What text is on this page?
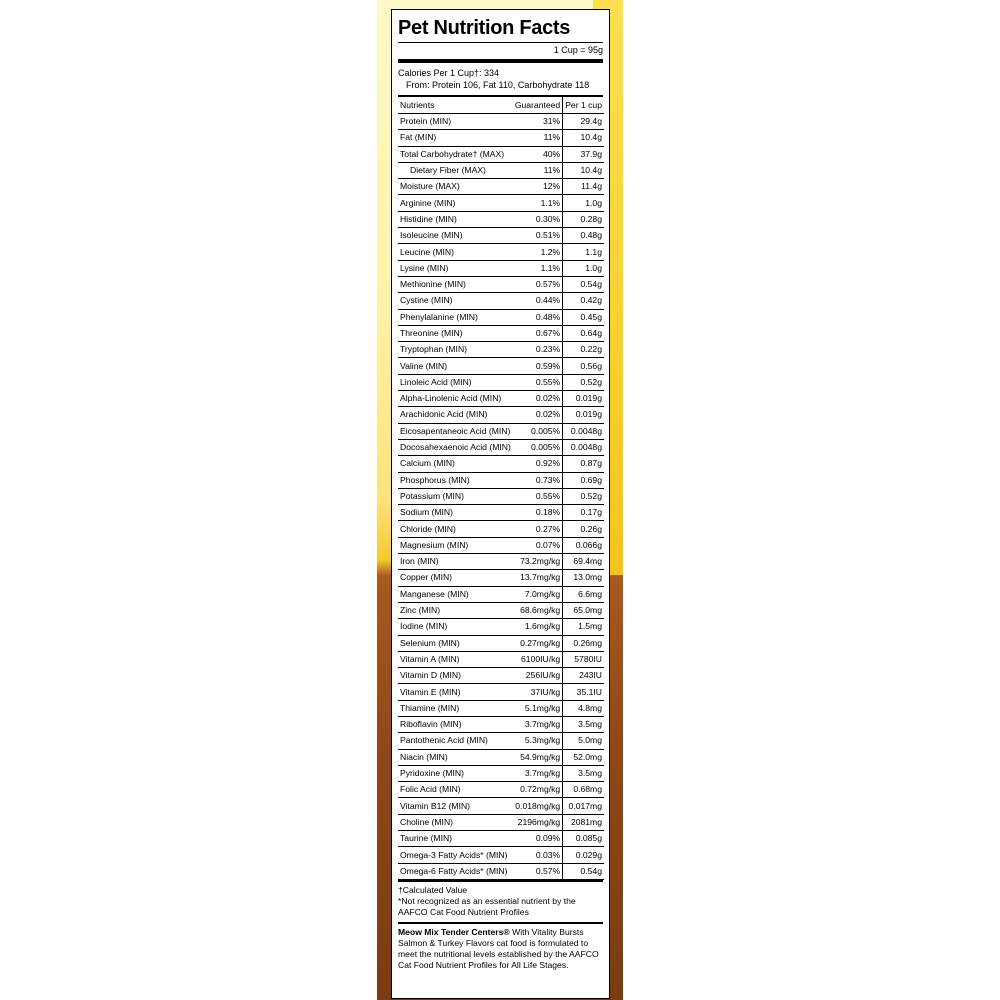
Pet Nutrition Facts
1 Cup = 95g
Calories Per 1 Cup†: 334
From: Protein 106, Fat 110, Carbohydrate 118
Nutrients	Guaranteed	Per 1 cup
Protein (MIN)	31%	29.4g
Fat (MIN)	11%	10.4g
Total Carbohydrate† (MAX)	40%	37.9g
Dietary Fiber (MAX)	11%	10.4g
Moisture (MAX)	12%	11.4g
Arginine (MIN)	1.1%	1.0g
Histidine (MIN)	0.30%	0.28g
Isoleucine (MIN)	0.51%	0.48g
Leucine (MIN)	1.2%	1.1g
Lysine (MIN)	1.1%	1.0g
Methionine (MIN)	0.57%	0.54g
Cystine (MIN)	0.44%	0.42g
Phenylalanine (MIN)	0.48%	0.45g
Threonine (MIN)	0.67%	0.64g
Tryptophan (MIN)	0.23%	0.22g
Valine (MIN)	0.59%	0.56g
Linoleic Acid (MIN)	0.55%	0.52g
Alpha-Linolenic Acid (MIN)	0.02%	0.019g
Arachidonic Acid (MIN)	0.02%	0.019g
Eicosapentaneoic Acid (MIN)	0.005%	0.0048g
Docosahexaenoic Acid (MIN)	0.005%	0.0048g
Calcium (MIN)	0.92%	0.87g
Phosphorus (MIN)	0.73%	0.69g
Potassium (MIN)	0.55%	0.52g
Sodium (MIN)	0.18%	0.17g
Chloride (MIN)	0.27%	0.26g
Magnesium (MIN)	0.07%	0.066g
Iron (MIN)	73.2mg/kg	69.4mg
Copper (MIN)	13.7mg/kg	13.0mg
Manganese (MIN)	7.0mg/kg	6.6mg
Zinc (MIN)	68.6mg/kg	65.0mg
Iodine (MIN)	1.6mg/kg	1.5mg
Selenium (MIN)	0.27mg/kg	0.26mg
Vitamin A (MIN)	6100IU/kg	5780IU
Vitamin D (MIN)	256IU/kg	243IU
Vitamin E (MIN)	37IU/kg	35.1IU
Thiamine (MIN)	5.1mg/kg	4.8mg
Riboflavin (MIN)	3.7mg/kg	3.5mg
Pantothenic Acid (MIN)	5.3mg/kg	5.0mg
Niacin (MIN)	54.9mg/kg	52.0mg
Pyridoxine (MIN)	3.7mg/kg	3.5mg
Folic Acid (MIN)	0.72mg/kg	0.68mg
Vitamin B12 (MIN)	0.018mg/kg	0.017mg
Choline (MIN)	2196mg/kg	2081mg
Taurine (MIN)	0.09%	0.085g
Omega-3 Fatty Acids* (MIN)	0.03%	0.029g
Omega-6 Fatty Acids* (MIN)	0.57%	0.54g
†Calculated Value
*Not recognized as an essential nutrient by the AAFCO Cat Food Nutrient Profiles
Meow Mix Tender Centers® With Vitality Bursts Salmon & Turkey Flavors cat food is formulated to meet the nutritional levels established by the AAFCO Cat Food Nutrient Profiles for All Life Stages.
